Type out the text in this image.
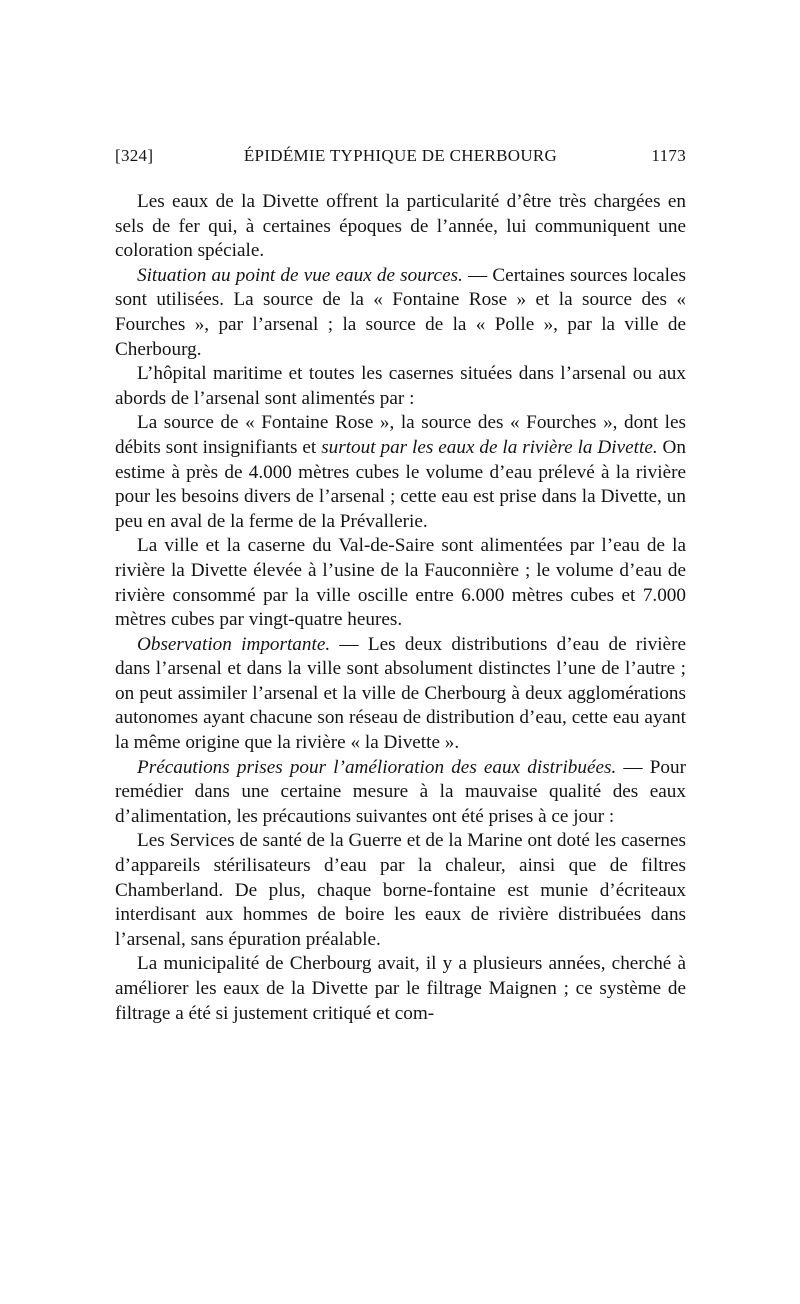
[324]	ÉPIDÉMIE TYPHIQUE DE CHERBOURG	1173

Les eaux de la Divette offrent la particularité d’être très chargées en sels de fer qui, à certaines époques de l’année, lui communiquent une coloration spéciale.

Situation au point de vue eaux de sources. — Certaines sources locales sont utilisées. La source de la « Fontaine Rose » et la source des « Fourches », par l’arsenal ; la source de la « Polle », par la ville de Cherbourg.

L’hôpital maritime et toutes les casernes situées dans l’arsenal ou aux abords de l’arsenal sont alimentés par :

La source de « Fontaine Rose », la source des « Fourches », dont les débits sont insignifiants et surtout par les eaux de la rivière la Divette. On estime à près de 4.000 mètres cubes le volume d’eau prélevé à la rivière pour les besoins divers de l’arsenal ; cette eau est prise dans la Divette, un peu en aval de la ferme de la Prévallerie.

La ville et la caserne du Val-de-Saire sont alimentées par l’eau de la rivière la Divette élevée à l’usine de la Fauconnière ; le volume d’eau de rivière consommé par la ville oscille entre 6.000 mètres cubes et 7.000 mètres cubes par vingt-quatre heures.

Observation importante. — Les deux distributions d’eau de rivière dans l’arsenal et dans la ville sont absolument distinctes l’une de l’autre ; on peut assimiler l’arsenal et la ville de Cherbourg à deux agglomérations autonomes ayant chacune son réseau de distribution d’eau, cette eau ayant la même origine que la rivière « la Divette ».

Précautions prises pour l’amélioration des eaux distribuées. — Pour remédier dans une certaine mesure à la mauvaise qualité des eaux d’alimentation, les précautions suivantes ont été prises à ce jour :

Les Services de santé de la Guerre et de la Marine ont doté les casernes d’appareils stérilisateurs d’eau par la chaleur, ainsi que de filtres Chamberland. De plus, chaque borne-fontaine est munie d’écriteaux interdisant aux hommes de boire les eaux de rivière distribuées dans l’arsenal, sans épuration préalable.

La municipalité de Cherbourg avait, il y a plusieurs années, cherché à améliorer les eaux de la Divette par le filtrage Maignen ; ce système de filtrage a été si justement critiqué et com-
